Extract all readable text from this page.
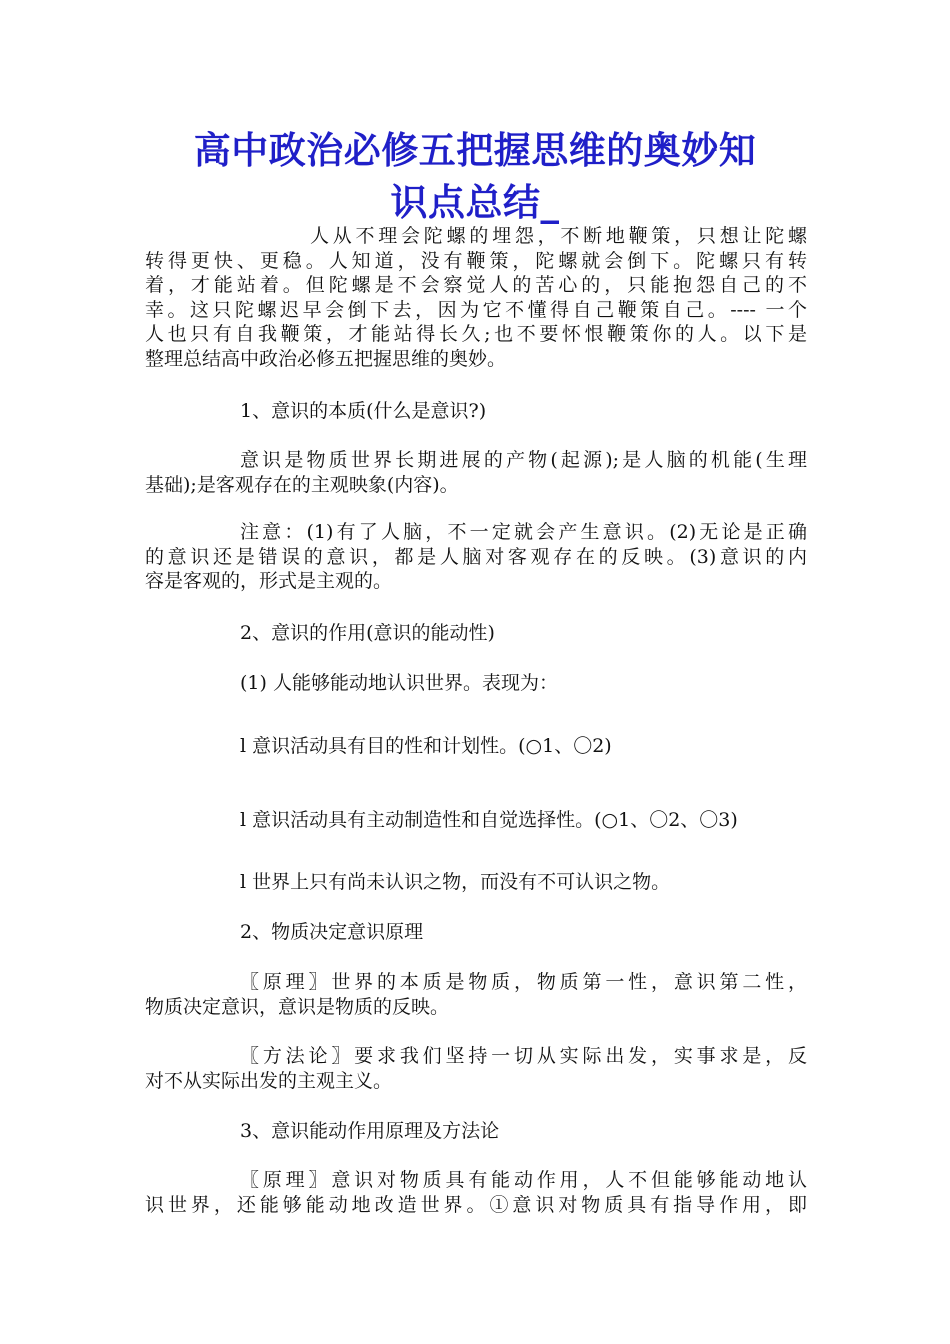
高中政治必修五把握思维的奥妙知
识点总结_
人从不理会陀螺的埋怨，不断地鞭策，只想让陀螺
转得更快、更稳。人知道，没有鞭策，陀螺就会倒下。陀螺只有转
着，才能站着。但陀螺是不会察觉人的苦心的，只能抱怨自己的不
幸。这只陀螺迟早会倒下去，因为它不懂得自己鞭策自己。---- 一个
人也只有自我鞭策，才能站得长久;也不要怀恨鞭策你的人。以下是
整理总结高中政治必修五把握思维的奥妙。
1、意识的本质(什么是意识?)
意识是物质世界长期进展的产物(起源);是人脑的机能(生理
基础);是客观存在的主观映象(内容)。
注意：(1)有了人脑，不一定就会产生意识。(2)无论是正确
的意识还是错误的意识，都是人脑对客观存在的反映。(3)意识的内
容是客观的，形式是主观的。
2、意识的作用(意识的能动性)
(1) 人能够能动地认识世界。表现为：
l 意识活动具有目的性和计划性。(○1、〇2)
l 意识活动具有主动制造性和自觉选择性。(○1、〇2、〇3)
l 世界上只有尚未认识之物，而没有不可认识之物。
2、物质决定意识原理
〖原理〗世界的本质是物质，物质第一性，意识第二性，
物质决定意识，意识是物质的反映。
〖方法论〗要求我们坚持一切从实际出发，实事求是，反
对不从实际出发的主观主义。
3、意识能动作用原理及方法论
〖原理〗意识对物质具有能动作用，人不但能够能动地认
识世界，还能够能动地改造世界。①意识对物质具有指导作用，即
